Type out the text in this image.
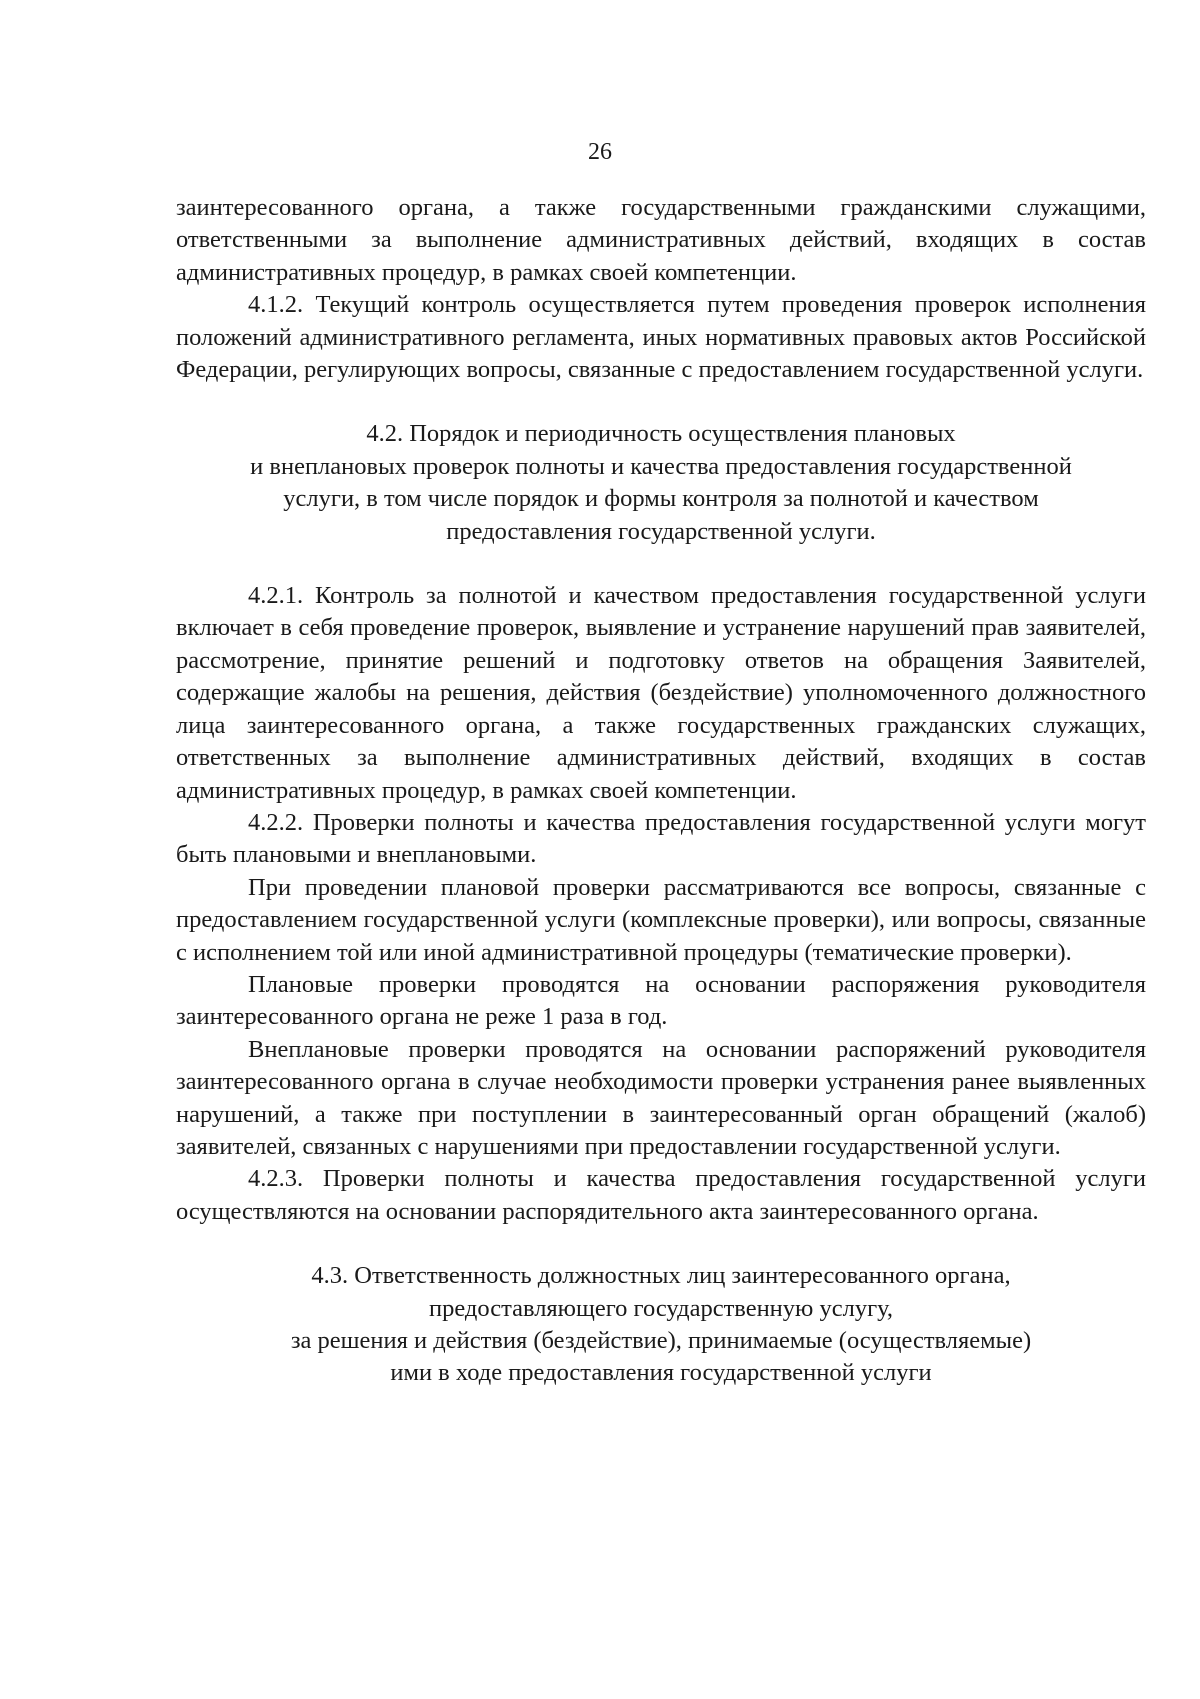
26

заинтересованного органа, а также государственными гражданскими служащими, ответственными за выполнение административных действий, входящих в состав административных процедур, в рамках своей компетенции.

4.1.2. Текущий контроль осуществляется путем проведения проверок исполнения положений административного регламента, иных нормативных правовых актов Российской Федерации, регулирующих вопросы, связанные с предоставлением государственной услуги.

4.2. Порядок и периодичность осуществления плановых
и внеплановых проверок полноты и качества предоставления государственной
услуги, в том числе порядок и формы контроля за полнотой и качеством
предоставления государственной услуги.

4.2.1. Контроль за полнотой и качеством предоставления государственной услуги включает в себя проведение проверок, выявление и устранение нарушений прав заявителей, рассмотрение, принятие решений и подготовку ответов на обращения Заявителей, содержащие жалобы на решения, действия (бездействие) уполномоченного должностного лица заинтересованного органа, а также государственных гражданских служащих, ответственных за выполнение административных действий, входящих в состав административных процедур, в рамках своей компетенции.

4.2.2. Проверки полноты и качества предоставления государственной услуги могут быть плановыми и внеплановыми.

При проведении плановой проверки рассматриваются все вопросы, связанные с предоставлением государственной услуги (комплексные проверки), или вопросы, связанные с исполнением той или иной административной процедуры (тематические проверки).

Плановые проверки проводятся на основании распоряжения руководителя заинтересованного органа не реже 1 раза в год.

Внеплановые проверки проводятся на основании распоряжений руководителя заинтересованного органа в случае необходимости проверки устранения ранее выявленных нарушений, а также при поступлении в заинтересованный орган обращений (жалоб) заявителей, связанных с нарушениями при предоставлении государственной услуги.

4.2.3. Проверки полноты и качества предоставления государственной услуги осуществляются на основании распорядительного акта заинтересованного органа.

4.3. Ответственность должностных лиц заинтересованного органа,
предоставляющего государственную услугу,
за решения и действия (бездействие), принимаемые (осуществляемые)
ими в ходе предоставления государственной услуги
